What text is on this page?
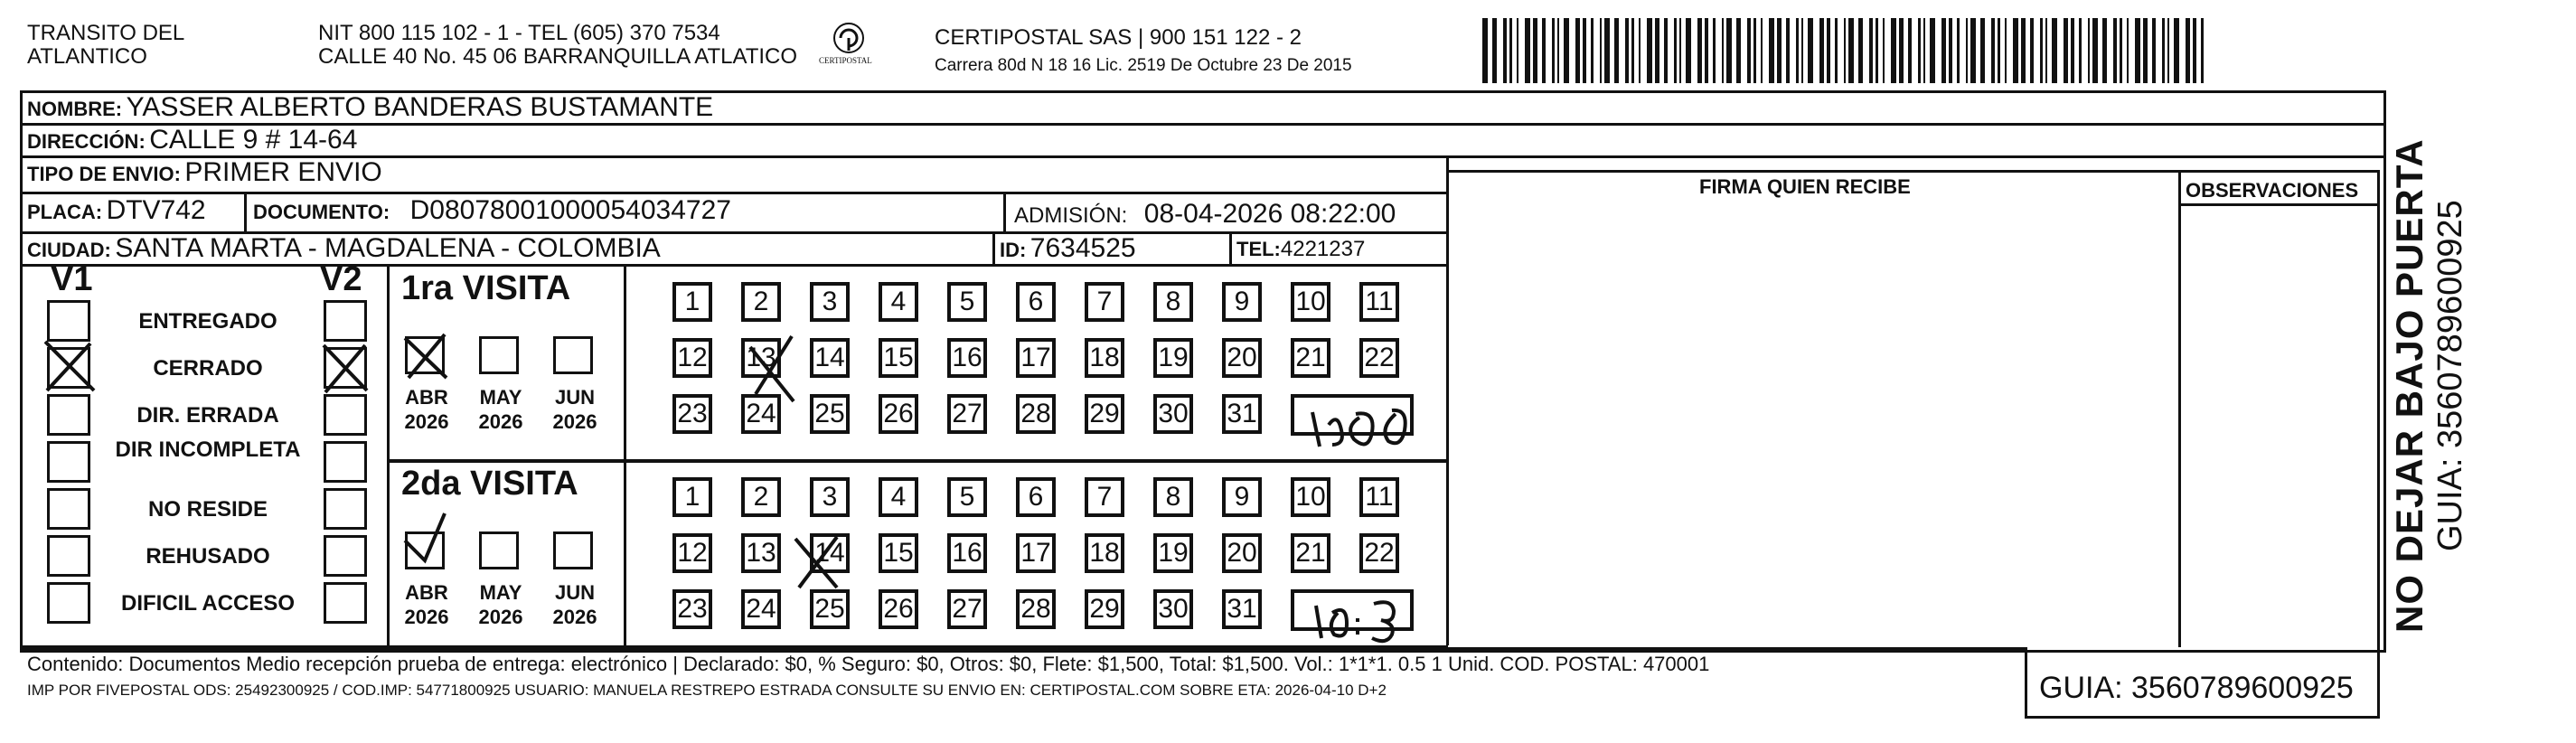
TRANSITO DEL
ATLANTICO
NIT 800 115 102 - 1 - TEL (605) 370 7534
CALLE 40 No. 45 06 BARRANQUILLA ATLATICO	CERTIPOSTAL
CERTIPOSTAL SAS | 900 151 122 - 2
Carrera 80d N 18 16 Lic. 2519 De Octubre 23 De 2015
NOMBRE: YASSER ALBERTO BANDERAS BUSTAMANTE
DIRECCIÓN: CALLE 9 # 14-64
TIPO DE ENVIO: PRIMER ENVIO
PLACA: DTV742 DOCUMENTO: D08078001000054034727	ADMISIÓN: 08-04-2026 08:22:00
CIUDAD: SANTA MARTA - MAGDALENA - COLOMBIA	ID: 7634525	TEL:4221237
FIRMA QUIEN RECIBE	OBSERVACIONES
V1	V2
ENTREGADO
CERRADO
DIR. ERRADA
DIR INCOMPLETA
NO RESIDE
REHUSADO
DIFICIL ACCESO
1ra VISITA
ABR
2026
MAY
2026
JUN
2026
1	2	3	4	5	6	7	8	9	10 11
12 13 14 15 16 17 18 19 20 21 22
23 24 25 26 27 28 29 30 31
2da VISITA
ABR
2026
MAY
2026
JUN
2026
1	2	3	4	5	6	7	8	9	10 11
12 13 14 15 16 17 18 19 20 21 22
23 24 25 26 27 28 29 30 31
Contenido: Documentos Medio recepción prueba de entrega: electrónico | Declarado: $0, % Seguro: $0, Otros: $0, Flete: $1,500, Total: $1,500. Vol.: 1*1*1. 0.5 1 Unid. COD. POSTAL: 470001
IMP POR FIVEPOSTAL ODS: 25492300925 / COD.IMP: 54771800925 USUARIO: MANUELA RESTREPO ESTRADA CONSULTE SU ENVIO EN: CERTIPOSTAL.COM SOBRE ETA: 2026-04-10 D+2	GUIA: 3560789600925
NO DEJAR BAJO PUERTA GUIA: 3560789600925
